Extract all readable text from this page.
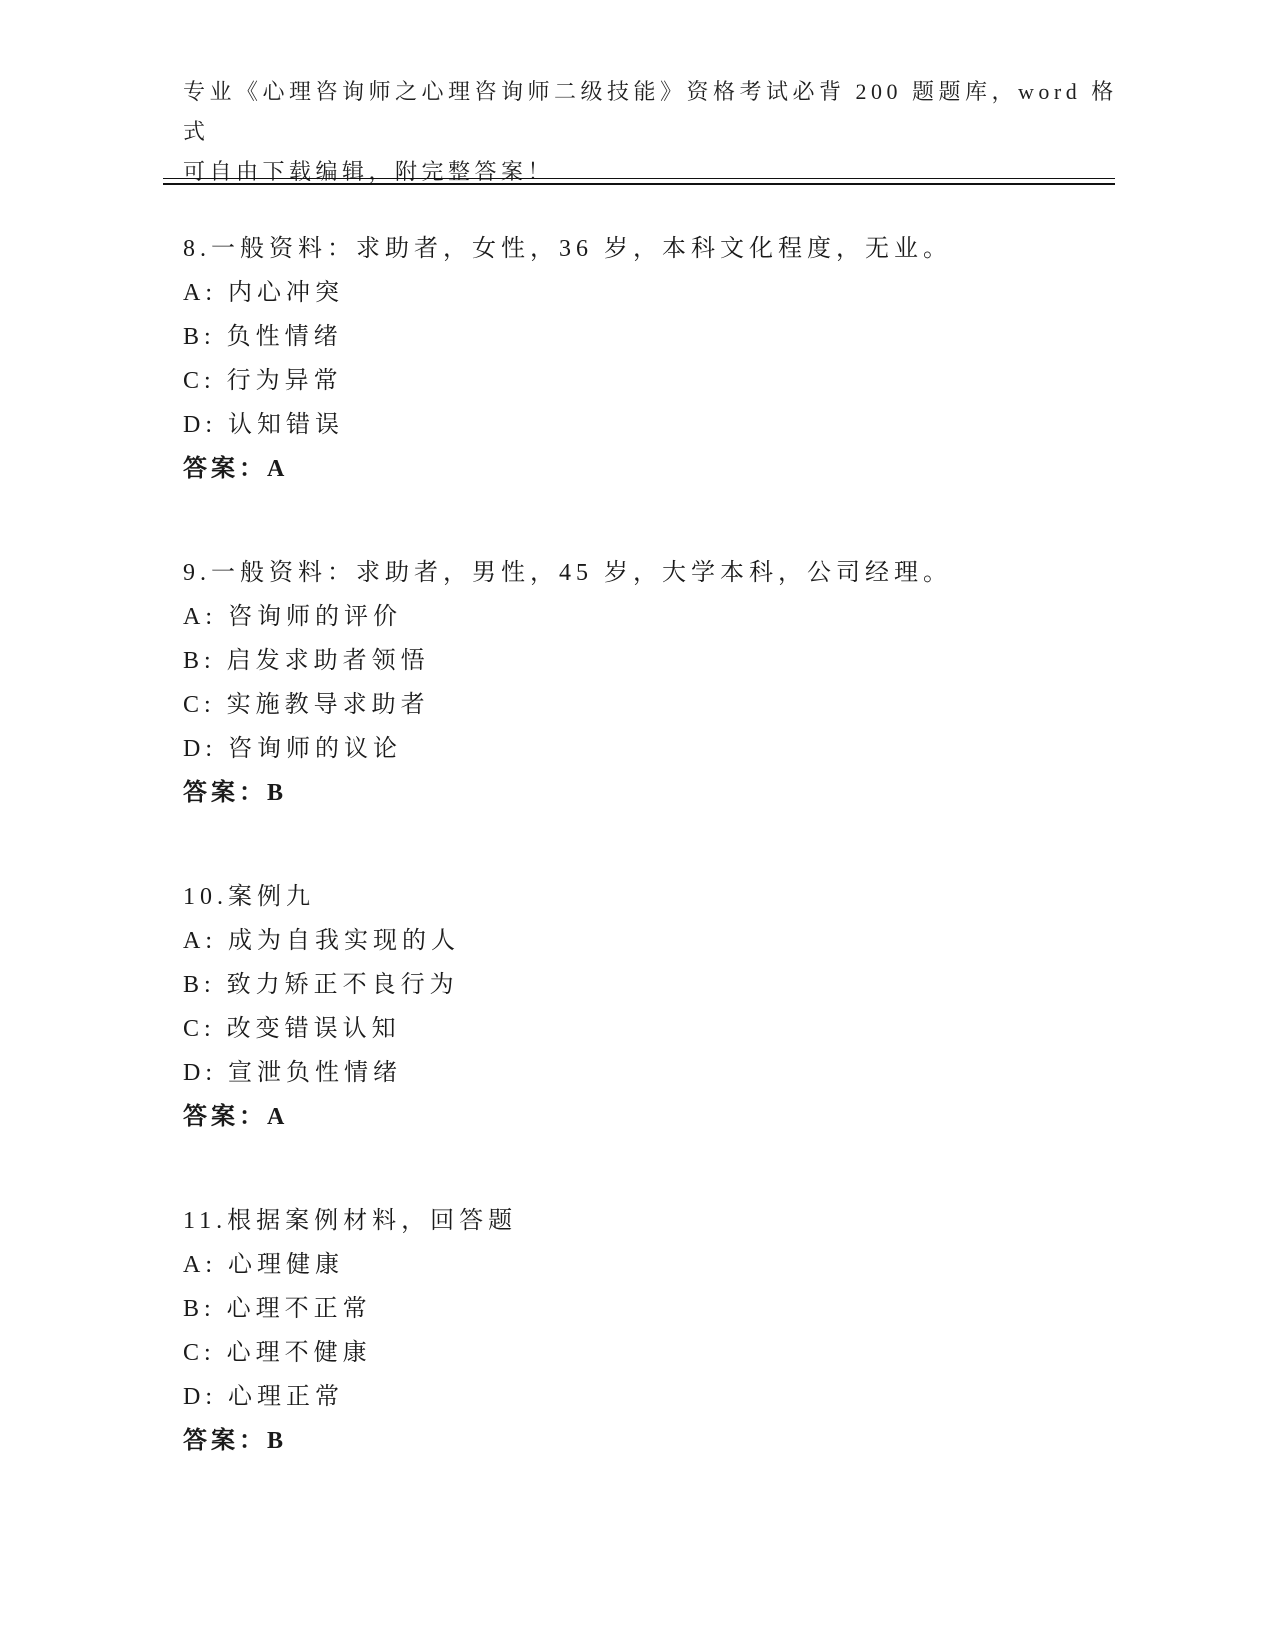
专业《心理咨询师之心理咨询师二级技能》资格考试必背 200 题题库，word 格式

可自由下载编辑，附完整答案！

8.一般资料：求助者，女性，36 岁，本科文化程度，无业。

A: 内心冲突

B: 负性情绪

C: 行为异常

D: 认知错误

答案：A

9.一般资料：求助者，男性，45 岁，大学本科，公司经理。

A: 咨询师的评价

B: 启发求助者领悟

C: 实施教导求助者

D: 咨询师的议论

答案：B

10.案例九

A: 成为自我实现的人

B: 致力矫正不良行为

C: 改变错误认知

D: 宣泄负性情绪

答案：A

11.根据案例材料，回答题

A: 心理健康

B: 心理不正常

C: 心理不健康

D: 心理正常

答案：B
